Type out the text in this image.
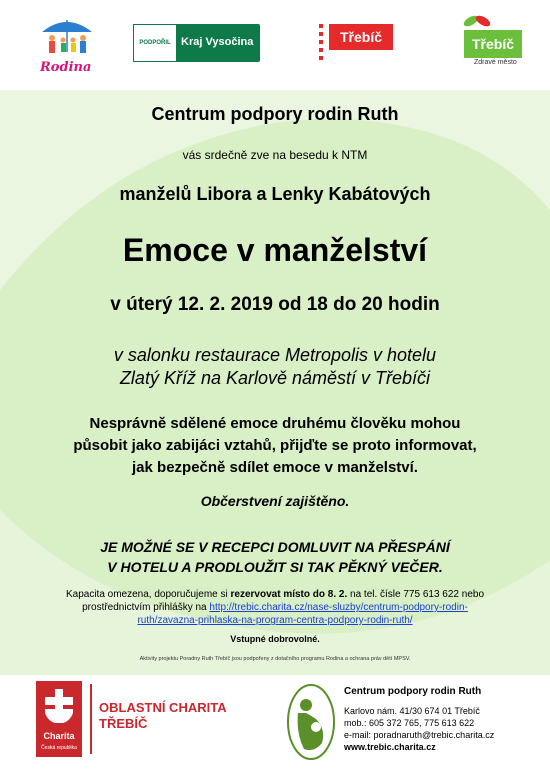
Rodina
PODPOŘIL Kraj Vysočina	Třebíč	Třebíč
Zdravé město
Centrum podpory rodin Ruth
vás srdečně zve na besedu k NTM
manželů Libora a Lenky Kabátových
Emoce v manželství
v úterý 12. 2. 2019 od 18 do 20 hodin
v salonku restaurace Metropolis v hotelu
Zlatý Kříž na Karlově náměstí v Třebíči
Nesprávně sdělené emoce druhému člověku mohou
působit jako zabijáci vztahů, přijďte se proto informovat,
jak bezpečně sdílet emoce v manželství.
Občerstvení zajištěno.
JE MOŽNÉ SE V RECEPCI DOMLUVIT NA PŘESPÁNÍ
V HOTELU A PRODLOUŽIT SI TAK PĚKNÝ VEČER.
Kapacita omezena, doporučujeme si rezervovat místo do 8. 2. na tel. čísle 775 613 622 nebo
prostřednictvím přihlášky na http://trebic.charita.cz/nase-sluzby/centrum-podpory-rodin-
ruth/zavazna-prihlaska-na-program-centra-podpory-rodin-ruth/
Vstupné dobrovolné.
Aktivity projektu Poradny Ruth Třebíč jsou podpořeny z dotačního programu Rodina a ochrana práv dětí MPSV.
Charita
Česká republika
OBLASTNÍ CHARITA
TŘEBÍČ
Centrum podpory rodin Ruth
Karlovo nám. 41/30 674 01 Třebíč
mob.: 605 372 765, 775 613 622
e-mail: poradnaruth@trebic.charita.cz
www.trebic.charita.cz
